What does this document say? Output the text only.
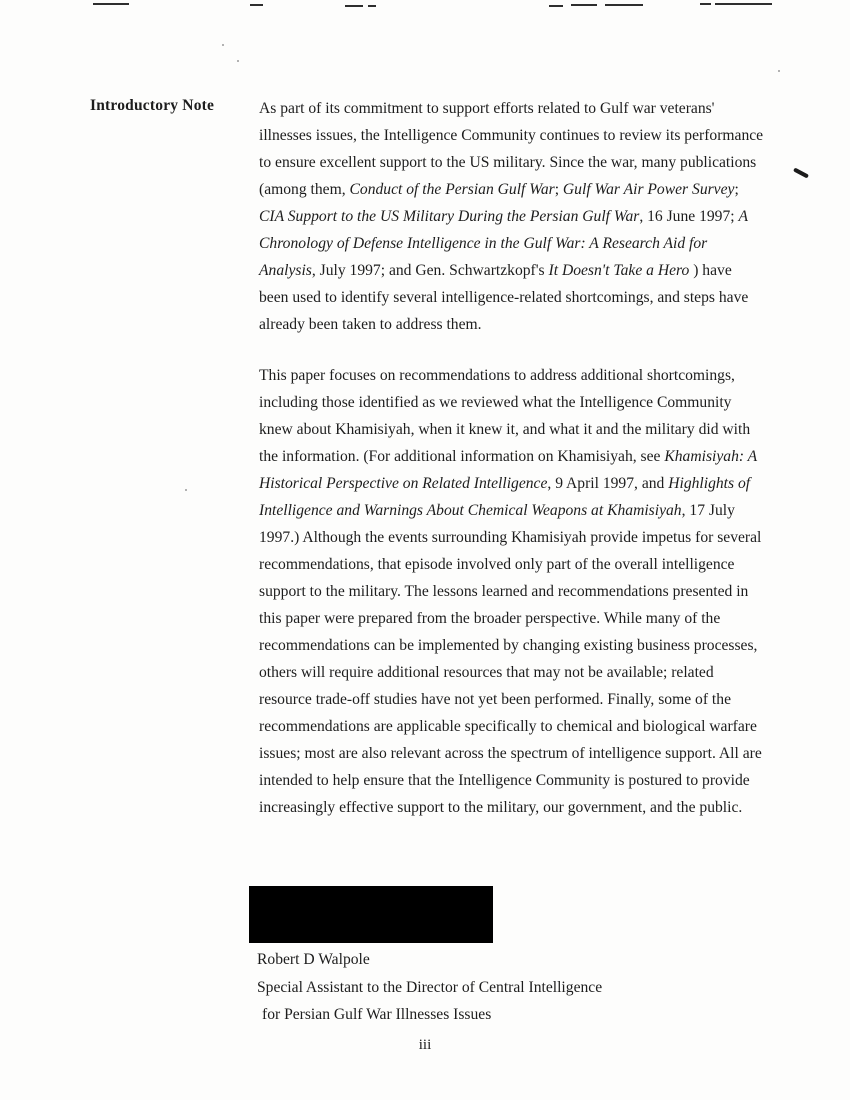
Introductory Note	As part of its commitment to support efforts related to Gulf war veterans' illnesses issues, the Intelligence Community continues to review its performance to ensure excellent support to the US military. Since the war, many publications (among them, Conduct of the Persian Gulf War; Gulf War Air Power Survey; CIA Support to the US Military During the Persian Gulf War, 16 June 1997; A Chronology of Defense Intelligence in the Gulf War: A Research Aid for Analysis, July 1997; and Gen. Schwartzkopf's It Doesn't Take a Hero ) have been used to identify several intelligence-related shortcomings, and steps have already been taken to address them.

This paper focuses on recommendations to address additional shortcomings, including those identified as we reviewed what the Intelligence Community knew about Khamisiyah, when it knew it, and what it and the military did with the information. (For additional information on Khamisiyah, see Khamisiyah: A Historical Perspective on Related Intelligence, 9 April 1997, and Highlights of Intelligence and Warnings About Chemical Weapons at Khamisiyah, 17 July 1997.) Although the events surrounding Khamisiyah provide impetus for several recommendations, that episode involved only part of the overall intelligence support to the military. The lessons learned and recommendations presented in this paper were prepared from the broader perspective. While many of the recommendations can be implemented by changing existing business processes, others will require additional resources that may not be available; related resource trade-off studies have not yet been performed. Finally, some of the recommendations are applicable specifically to chemical and biological warfare issues; most are also relevant across the spectrum of intelligence support. All are intended to help ensure that the Intelligence Community is postured to provide increasingly effective support to the military, our government, and the public.

Robert D Walpole
Special Assistant to the Director of Central Intelligence
for Persian Gulf War Illnesses Issues
iii
